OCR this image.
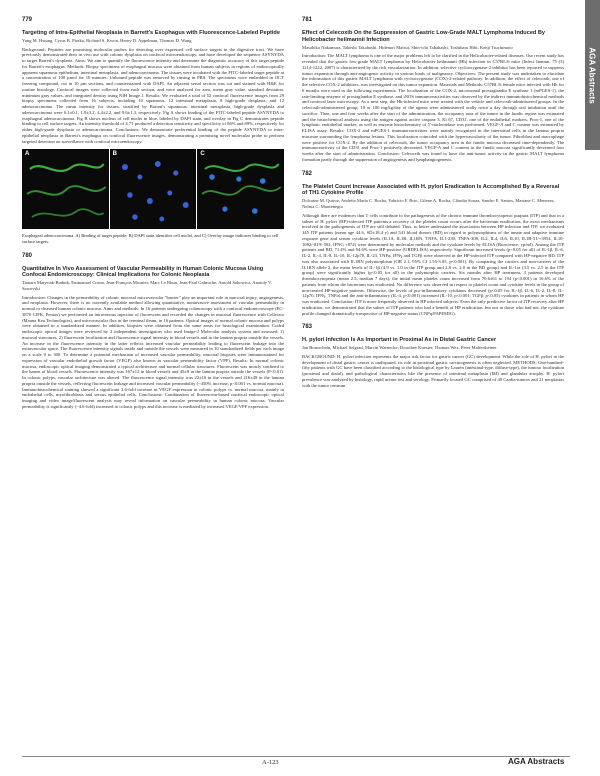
779
Targeting of Intra-Epithelial Neoplasia in Barrett's Esophagus with Fluorescence-Labeled Peptide
Yang M. Hsiung, Cyrus B. Piraka, Richard S. Kwon, Henry D. Appelman, Thomas D. Wang

Background: Peptides are promising molecular probes for detecting over expressed cell surface targets in the digestive tract. We have previously demonstrated their in vivo use with colonic dysplasia on confocal microendoscopy, and have developed the sequence ASYNYDA to target Barrett's dysplasia. Aims: We aim to quantify the fluorescence intensity and determine the diagnostic accuracy of this target peptide for Barrett's esophagus. Methods: Biopsy specimens of esophageal mucosa were obtained from human subjects in regions of endoscopically apparent squamous epithelium, intestinal metaplasia, and adenocarcinoma. The tissues were incubated with the FITC-labeled target peptide at a concentration of 100 µmol for 10 minutes. Unbound peptide was removed by rinsing in PBS. The specimens were embedded in OCT freezing compound, cut in 10 µm sections, and counterstained with DAPI. An adjacent serial section was cut and stained with H&E for routine histology. Confocal images were collected from each section, and were analyzed for area, mean gray value, standard deviation, minimum gray values, and integrated density using NIH Image J. Results: We evaluated a total of 52 confocal fluorescence images from 29 biopsy specimens collected from 16 subjects, including 10 squamous, 12 intestinal metaplasia, 8 high-grade dysplasia, and 12 adenocarcinoma. The mean intensity for tissues, stratified by Barrett's squamous, intestinal metaplasia, high-grade dysplasia and adenocarcinoma were 0.1±0.1, 1.9±3.2, 4.4±2.2, and 9.6±1.3, respectively. Fig A shows binding of the FITC-labeled peptide ASYNYDA to esophageal adenocarcinoma. Fig B shows nucleus of cell nuclei in blue, labeled by DAPI stain, and overlay in Fig C demonstrates peptide binding to cell surface targets. An intensity threshold of 4.71 produced a detection sensitivity and specificity of 86% and 89%, respectively for either high-grade dysplasia or adenocarcinoma. Conclusions: We demonstrate preferential binding of the peptide ASYNYDA to intra-epithelial neoplasia in Barrett's esophagus on confocal fluorescence images, demonstrating a promising novel molecular probe to perform targeted detection on surveillance with confocal microendoscopy.

A	B	C

Esophageal adenocarcinoma. A) Binding of target peptide; B) DAPI stain identifies cell nuclei, and C) Overlay image indicates binding to cell surface targets.

780
Quantitative In Vivo Assessment of Vascular Permeability in Human Colonic Mucosa Using Confocal Endomicroscopy: Clinical Implications for Colonic Neoplasia
Tamara Matysiak-Budnik, Emmanuel Coron, Jean-François Mosnier, Marc Le Rhun, Jean-Paul Galmiche, Arnold Sakowicz, Anatoly V. Sawovski

Introduction: Changes in the permeability of colonic mucosal microvascular "barrier" play an important role in mucosal injury, angiogenesis, and neoplasia. However, there is no currently available method allowing quantitative, noninvasive assessment of vascular permeability in normal or diseased human colonic mucosa. Aims and methods: In 16 patients undergoing colonoscopy with a confocal endomicroscope (EC-3870 CIFK, Pentax) we performed an intravenous injection of fluorescein and recorded the changes in mucosal fluorescence with Cellvizio (Mauna Kea Technologies), and microvascular flux in the terminal ileum, in 16 patients. Optical images of normal colonic mucosa and polyps were obtained in a standardized manner. In addition, biopsies were obtained from the same areas for histological examination. Coded endoscopic optical images were reviewed by 2 independent investigators who used Image-J Molecular analysis system and assessed: 1) mucosal structures, 2) fluorescein localization and fluorescence signal intensity in blood vessels and in the lamina propria outside the vessels. An increase in the fluorescence intensity in the latter reflects increased vascular permeability leading to fluorescein leakage into the extravascular space. The fluorescence intensity signals inside and outside the vessels were measured in 10 standardized fields per each image on a scale 0 to 300. To determine a potential mechanism of increased vascular permeability, mucosal biopsies were immunostained for expression of vascular endothelial growth factor (VEGF) also known as vascular permeability factor (VPF). Results: In normal colonic mucosa, endoscopic optical imaging demonstrated a typical architecture and normal cellular structures. Fluorescein was mostly confined to the lumen of blood vessels. Fluorescence intensity was 167±12 in blood vessels and 45±8 in the lamina propria outside the vessels (P<0.01). In colonic polyps, vascular architecture was altered. The fluorescence signal intensity was 22±16 in the vessels and 216±49 in the lamina propria outside the vessels, reflecting fluorescein leakage and increased vascular permeability (~450% increase, p<0.001 vs. normal mucosa). Immunohistochemical staining showed a significant 3.6-fold increase in VEGF expression in colonic polyps vs. normal mucosa, mainly in endothelial cells, myofibroblasts and serous epithelial cells. Conclusions: Combination of fluorescein-based confocal endoscopic optical imaging and video image/fluorescent analysis may reveal information on vascular permeability in human colonic mucosa. Vascular permeability is significantly (~4.6-fold) increased in colonic polyps and this increase is mediated by increased VEGF/VPF expression.

781
Effect of Celecoxib On the Suppression of Gastric Low-Grade MALT Lymphoma Induced By Helicobacter heilmannii Infection
Masahiko Nakamura, Takeshi Takahashi, Hidenori Matsui, Shin-ichi Takahashi, Toshiharu Hibi, Kenji Tsuchimoto

Introduction: The MALT lymphoma is one of the major problems left to be clarified in the Helicobacter-related diseases. Our recent study has revealed that the gastric low-grade MALT lymphoma by Helicobacter heilmannii (Hh) infection in C57BL/6 mice (Infect Immun, 75 (3) 1214-1222, 2007) is characterized by the rich vascularization. In addition, selective cyclooxygenase-2 inhibitor has been reported to suppress tumor expansion through anti-angiogenic activity in various kinds of malignancy. Objectives: The present study was undertaken to elucidate the information of this gastric MALT lymphoma with cyclooxygenase (COX)-2-related pathway. In addition, the effect of celecoxib, one of the selective COX-2 inhibitors, was investigated on this tumor expansion. Materials and Methods: C57BL/6 female mice infected with Hh for 6 months were used in the following experiments. The localization of the COX-2, microsomal prostaglandin E synthase 1 (mPGES-1), the rate-limiting enzyme of prostaglandin E synthase, and iNOS immunoreactivities was observed by the indirect immunohistochemical methods and confocal laser microscopy. As a next step, the Hh-infected mice were treated with the vehicle and celecoxib-administered groups. In the celecoxib-administered group, 10 or 100 mg/kg/day of the agents were administered orally twice a day through oral intubation until the sacrifice. Then, one and four weeks after the start of the administration, the occupancy area of the tumor in the fundic region was estimated and the histochemical analysis using the antigen against active caspase 3, Ki 67, CD31, one of the endothelial markers, Prox-1, one of the lymphatic endothelial marker, as well as enzyme histochemistry of 5'-nucleotidase was performed. VEGF-A and C content was estimated by ELISA assay. Results: COX-2 and mPGES-1 immunoreactivities were mainly recognized in the interstitial cells in the lamina propria mucosae surrounding the lymphoma lesions. This localization coincided with the hypervascularity of the tumor. Fibroblast and macrophage were positive for COX-2. By the addition of celecoxib, the tumor occupancy area in the fundic mucosa decreased time-dependently. The immunoreactivity of the CD31 and Prox-1 positively decreased. VEGF-A and C content in the fundic mucosa significantly decreased four weeks after the start of administration. Conclusion: Celecoxib was found to have the anti-tumor activity in the gastric MALT lymphoma formation partly through the suppression of angiogenesis and lymphangiogenesis.

782
The Platelet Count Increase Associated with H. pylori Eradication Is Accomplished By a Reversal of TH1 Cytokine Profile
Dolcaine M. Quiroz, Andréia María C. Rocha, Fabricio F. Brio, Gilene A. Rocha, Cláudia Souza, Sandro E. Santos, Mariane C. Menezes, Nelma C. Montenegro

Although there are evidences that T cells contribute to the pathogenesis of the chronic immune thrombocytopenic purpura (ITP) and that in a subset of H. pylori (HP)-infected ITP patients a recovery of the platelet count occurs after the bacterium eradication, the exact mechanisms involved in the pathogenesis of ITP are still debated. Thus, to better understand the association between HP infection and ITP, we evaluated 145 ITP patients (mean age 44.6, SD±18.4 y) and 541 blood donors (BD) in regard to polymorphisms of the innate and adaptive immune response gene and serum cytokine levels (IL1A, IL1B, IL1RN, TNFA, IL1-230, TNFA-308, IL2, IL4, IL6, IL10, IL1B-31/+3954, IL10-1082/-819/-592, IFNG +874) were determined by molecular methods and the cytokine levels by ELISA (Bioscience, yp/ml). Among the ITP patients and BD, 71.4% and 94.6% were HP-positive (URDELISA) respectively. Significant increased levels (p<0.05 for all) of IL-1β, IL-6, IL-2, IL-4, IL-8, IL-10, IL-12p70, IL-23, TNFα, IFNγ and TGFβ were observed in the HP-infected ITP compared with HP-negative BD. ITP was also associated with IL1RN polymorphism (OR 2.1, 95% CI 1.55-3.05, p<0.001). By comparing the carriers and non-carriers of the IL1RN allele 2, the mean levels of IL-1β (4.9 vs. 1.0 in the ITP group and 2.8 vs. 2.0 in the BD group) and IL-1ra (3.5 vs. 2.5 in the ITP group) were significantly higher (p<0.05 for all) in the polymorphic carriers. Six months after HP treatment, 3 patients developed thrombocytopenia (mean 2.5, median 7 days), the initial mean platelet count increased from 70.6±61 to 194 (p<0.001) in 16.6% of the patients from whom the bacterium was eradicated. No difference was observed in respect to platelet count and cytokine levels in the group of non-treated HP-negative patients. Otherwise, the levels of pro-inflammatory cytokines decreased (p<0.05 for IL-1β, IL-6, IL-2, IL-8, IL-12p70, IFNγ, TNFα) and the anti-inflammatory (IL-4, p<0.001) increased (IL-10, p<0.001; TGFβ, p<0.05) cytokines in patients in whom HP was eradicated. Conclusion: ITP is more frequently observed in HP infected subjects. Even the only predictive factor of ITP recovery after HP eradication, we demonstrated that the subset of ITP patients who had a benefit of HP eradication, but not in those who had not, the cytokine profile changed dramatically irrespective of HP-negative status (CNPq/FAPEMIG).

783
H. pylori Infection Is As Important in Proximal As in Distal Gastric Cancer
Jan Bornschein, Michael Selgrad, Marcin Warnecke, Dorothee Kuester, Thomas Wex, Peter Malfertheiner

BACKGROUND: H. pylori infection represents the major risk factor for gastric cancer (GC) development. While the role of H. pylori in the development of distal gastric cancer is undisputed, its role in proximal gastric carcinogenesis is often neglected. METHODS: One-hundred-fifty patients with GC have been classified according to the histological type by Laurén (intestinal-type, diffuse-type), the tumour localization (proximal and distal), and pathological characteristics like the presence of intestinal metaplasia (IM) and glandular atrophy. H. pylori prevalence was analyzed by histology, rapid urease test and serology. Primarily located GC comprised of 49 Cardia-tumors and 21 neoplasias with the tumor centrum

AGA Abstracts
A-123	AGA Abstracts
